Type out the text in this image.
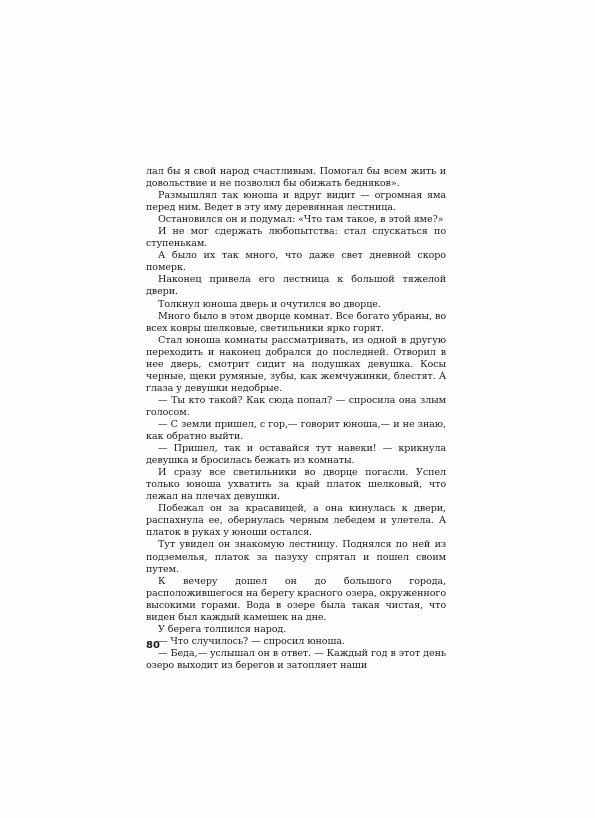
лал бы я свой народ счастливым. Помогал бы всем жить и довольствие и не позволял бы обижать бедняков».

Размышлял так юноша и вдруг видит — огромная яма перед ним. Ведет в эту яму деревянная лестница.

Остановился он и подумал: «Что там такое, в этой яме?»

И не мог сдержать любопытства: стал спускаться по ступенькам.

А было их так много, что даже свет дневной скоро померк.

Наконец привела его лестница к большой тяжелой двери.

Толкнул юноша дверь и очутился во дворце.

Много было в этом дворце комнат. Все богато убраны, во всех ковры шелковые, светильники ярко горят.

Стал юноша комнаты рассматривать, из одной в другую переходить и наконец добрался до последней. Отворил в нее дверь, смотрит сидит на подушках девушка. Косы черные, щеки румяные, зубы, как жемчужинки, блестят. А глаза у девушки недобрые.

— Ты кто такой? Как сюда попал? — спросила она злым голосом.

— С земли пришел, с гор,— говорит юноша,— и не знаю, как обратно выйти.

— Пришел, так и оставайся тут навеки! — крикнула девушка и бросилась бежать из комнаты.

И сразу все светильники во дворце погасли. Успел только юноша ухватить за край платок шелковый, что лежал на плечах девушки.

Побежал он за красавицей, а она кинулась к двери, распахнула ее, обернулась черным лебедем и улетела. А платок в руках у юноши остался.

Тут увидел он знакомую лестницу. Поднялся по ней из подземелья, платок за пазуху спрятал и пошел своим путем.

К вечеру дошел он до большого города, расположившегося на берегу красного озера, окруженного высокими горами. Вода в озере была такая чистая, что виден был каждый камешек на дне.

У берега толпился народ.

— Что случилось? — спросил юноша.

— Беда,— услышал он в ответ. — Каждый год в этот день озеро выходит из берегов и затопляет наши

80
